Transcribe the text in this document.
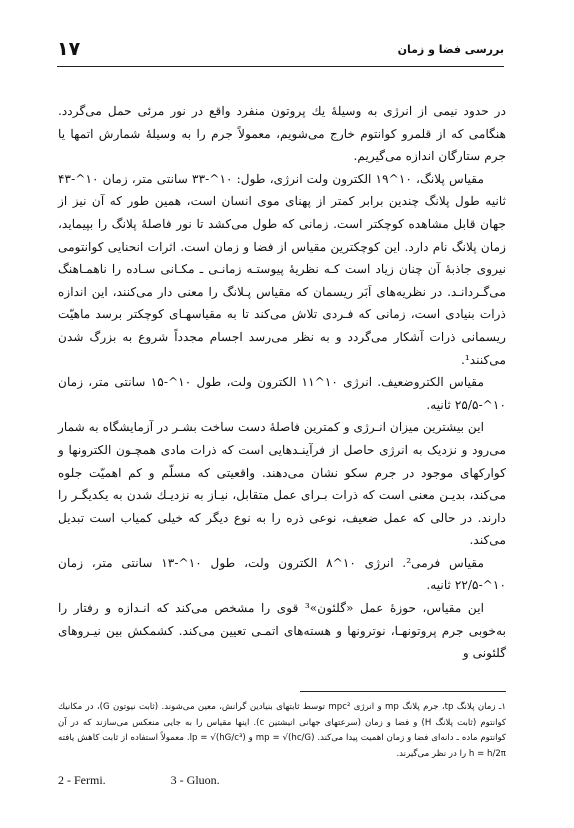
۱۷	بررسی فضا و زمان

در حدود نیمی از انرژی به وسیلهٔ یك پروتون منفرد واقع در نور مرئی حمل می‌گردد. هنگامی که از قلمرو کوانتوم خارج می‌شویم، معمولاً جرم را به وسیلهٔ شمارش اتمها یا جرم ستارگان اندازه می‌گیریم.

مقیاس پلانگ، ۱۰^۱۹ الکترون ولت انرژی، طول: ۱۰^-۳۳ سانتی متر، زمان ۱۰^-۴۳ ثانیه طول پلانگ چندین برابر کمتر از پهنای موی انسان است، همین طور که آن نیز از جهان قابل مشاهده کوچکتر است. زمانی که طول می‌کشد تا نور فاصلهٔ پلانگ را بپیماید، زمان پلانگ نام دارد. این کوچکترین مقیاس از فضا و زمان است. اثرات انحنایی کوانتومی نیروی جاذبهٔ آن چنان زیاد است کـه نظریهٔ پیوستـه زمانـی ـ مکـانی سـاده را ناهمـاهنگ می‌گـردانـد. در نظریه‌های اَبَر ریسمان که مقیاس پـلانگ را معنی دار می‌کنند، این اندازه ذرات بنیادی است، زمانی که فـردی تلاش می‌کند تا به مقیاسهـای کوچکتر برسد ماهیّت ریسمانی ذرات آشکار می‌گردد و به نظر می‌رسد اجسام مجدداً شروع به بزرگ شدن می‌کنند¹.

مقیاس الکتروضعیف. انرژی ۱۰^۱۱ الکترون ولت، طول ۱۰^-۱۵ سانتی متر، زمان ۱۰^-۲۵/۵ ثانیه.

این بیشترین میزان انـرژی و کمترین فاصلهٔ دست ساخت بشـر در آزمایشگاه به شمار می‌رود و نزدیک به انرژی حاصل از فرآینـدهایی است که ذرات مادی همچـون الکترونها و کوارکهای موجود در جرم سکو نشان می‌دهند. واقعیتی که مسلّم و کم اهمیّت جلوه می‌کند، بدیـن معنی است که ذرات بـرای عمل متقابل، نیـاز به نزدیـك شدن به یکدیگـر را دارند. در حالی که عمل ضعیف، نوعی ذره را به نوع دیگر که خیلی کمیاب است تبدیل می‌کند.

مقیاس فرمی². انرژی ۱۰^۸ الکترون ولت، طول ۱۰^-۱۳ سانتی متر، زمان ۱۰^-۲۲/۵ ثانیه.

این مقیاس، حوزهٔ عمل «گلئون»³ قوی را مشخص می‌کند که انـدازه و رفتار را به‌خوبی جرم پروتونهـا، نوترونها و هسته‌های اتمـی تعیین می‌کند. کشمکش بین نیـروهای گلئونی و

۱ـ زمان پلانگ tp، جرم پلانگ mp و انرژی mpc² توسط ثابتهای بنیادین گرانش، معین می‌شوند. (ثابت نیوتون G)، در مکانیك کوانتوم (ثابت پلانگ H) و فضا و زمان (سرعتهای جهانی انیشتین c). اینها مقیاس را به جایی منعکس می‌سازند که در آن کوانتوم ماده ـ دانه‌ای فضا و زمان اهمیت پیدا می‌کند. mp = √(hc/G) و lp = √(hG/c³). معمولاً استفاده از ثابت کاهش یافته h = h/2π را در نظر می‌گیرند.

2 - Fermi.	3 - Gluon.
